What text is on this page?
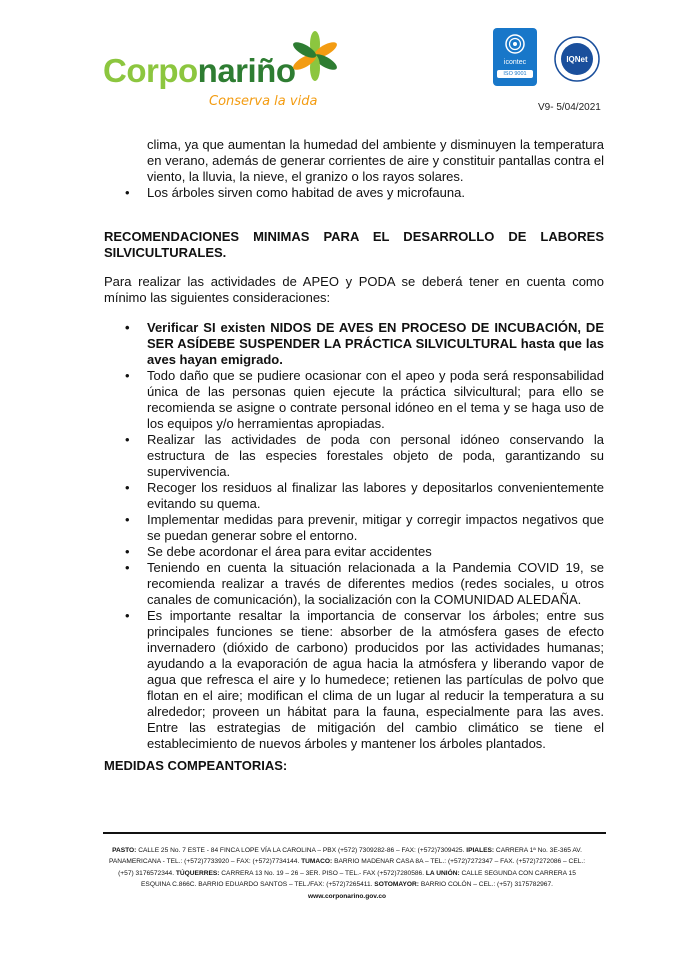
Corponariño
Conserva la vida
icontec
ISO 9001
IQNet
V9- 5/04/2021
clima, ya que aumentan la humedad del ambiente y disminuyen la temperatura en verano, además de generar corrientes de aire y constituir pantallas contra el viento, la lluvia, la nieve, el granizo o los rayos solares.
• Los árboles sirven como habitad de aves y microfauna.
RECOMENDACIONES MINIMAS PARA EL DESARROLLO DE LABORES SILVICULTURALES.
Para realizar las actividades de APEO y PODA se deberá tener en cuenta como mínimo las siguientes consideraciones:
• Verificar SI existen NIDOS DE AVES EN PROCESO DE INCUBACIÓN, DE SER ASÍDEBE SUSPENDER LA PRÁCTICA SILVICULTURAL hasta que las aves hayan emigrado.
• Todo daño que se pudiere ocasionar con el apeo y poda será responsabilidad única de las personas quien ejecute la práctica silvicultural; para ello se recomienda se asigne o contrate personal idóneo en el tema y se haga uso de los equipos y/o herramientas apropiadas.
• Realizar las actividades de poda con personal idóneo conservando la estructura de las especies forestales objeto de poda, garantizando su supervivencia.
• Recoger los residuos al finalizar las labores y depositarlos convenientemente evitando su quema.
• Implementar medidas para prevenir, mitigar y corregir impactos negativos que se puedan generar sobre el entorno.
• Se debe acordonar el área para evitar accidentes
• Teniendo en cuenta la situación relacionada a la Pandemia COVID 19, se recomienda realizar a través de diferentes medios (redes sociales, u otros canales de comunicación), la socialización con la COMUNIDAD ALEDAÑA.
• Es importante resaltar la importancia de conservar los árboles; entre sus principales funciones se tiene: absorber de la atmósfera gases de efecto invernadero (dióxido de carbono) producidos por las actividades humanas; ayudando a la evaporación de agua hacia la atmósfera y liberando vapor de agua que refresca el aire y lo humedece; retienen las partículas de polvo que flotan en el aire; modifican el clima de un lugar al reducir la temperatura a su alrededor; proveen un hábitat para la fauna, especialmente para las aves. Entre las estrategias de mitigación del cambio climático se tiene el establecimiento de nuevos árboles y mantener los árboles plantados.
MEDIDAS COMPEANTORIAS:
PASTO: CALLE 25 No. 7 ESTE - 84 FINCA LOPE VÍA LA CAROLINA – PBX (+572) 7309282-86 – FAX: (+572)7309425. IPIALES: CARRERA 1ª No. 3E-365 AV. PANAMERICANA - TEL.: (+572)7733920 – FAX: (+572)7734144. TUMACO: BARRIO MADENAR CASA 8A – TEL.: (+572)7272347 – FAX. (+572)7272086 – CEL.: (+57) 3176572344. TÚQUERRES: CARRERA 13 No. 19 – 26 – 3ER. PISO – TEL.- FAX (+572)7280586. LA UNIÓN: CALLE SEGUNDA CON CARRERA 15 ESQUINA C.866C. BARRIO EDUARDO SANTOS – TEL./FAX: (+572)7265411. SOTOMAYOR: BARRIO COLÓN – CEL.: (+57) 3175782967.
www.corponarino.gov.co
